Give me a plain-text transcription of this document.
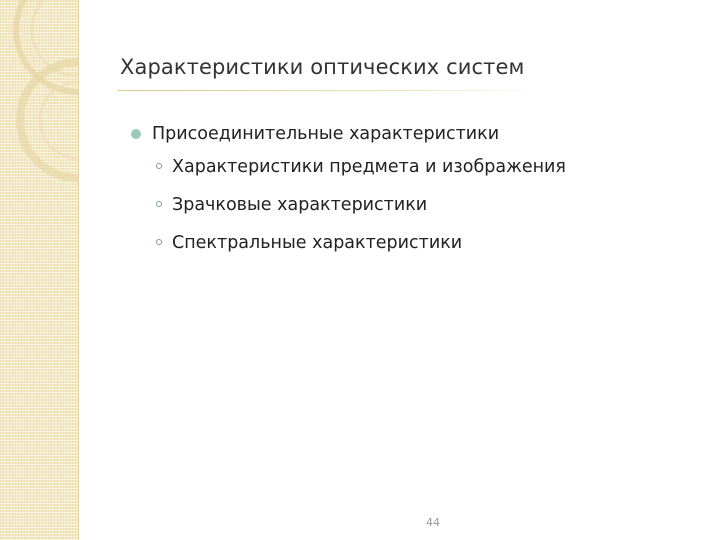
Характеристики оптических систем
Присоединительные характеристики
Характеристики предмета и изображения
Зрачковые характеристики
Спектральные характеристики
44
